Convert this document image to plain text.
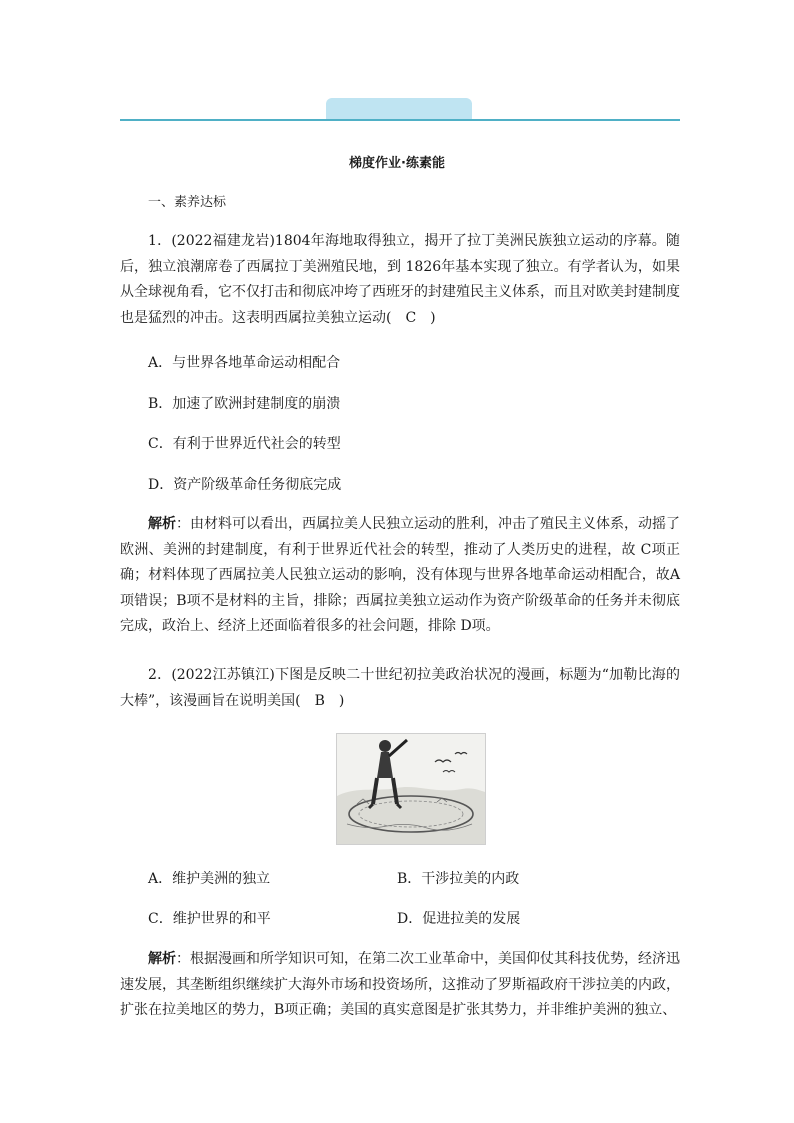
梯度作业·练素能
一、素养达标

1．(2022福建龙岩)1804年海地取得独立，揭开了拉丁美洲民族独立运动的序幕。随后，独立浪潮席卷了西属拉丁美洲殖民地，到 1826年基本实现了独立。有学者认为，如果从全球视角看，它不仅打击和彻底冲垮了西班牙的封建殖民主义体系，而且对欧美封建制度也是猛烈的冲击。这表明西属拉美独立运动(　C　)

A．与世界各地革命运动相配合
B．加速了欧洲封建制度的崩溃
C．有利于世界近代社会的转型
D．资产阶级革命任务彻底完成

解析：由材料可以看出，西属拉美人民独立运动的胜利，冲击了殖民主义体系，动摇了欧洲、美洲的封建制度，有利于世界近代社会的转型，推动了人类历史的进程，故 C项正确；材料体现了西属拉美人民独立运动的影响，没有体现与世界各地革命运动相配合，故A项错误；B项不是材料的主旨，排除；西属拉美独立运动作为资产阶级革命的任务并未彻底完成，政治上、经济上还面临着很多的社会问题，排除 D项。

2．(2022江苏镇江)下图是反映二十世纪初拉美政治状况的漫画，标题为“加勒比海的大棒”，该漫画旨在说明美国(　B　)

A．维护美洲的独立	B．干涉拉美的内政
C．维护世界的和平	D．促进拉美的发展

解析：根据漫画和所学知识可知，在第二次工业革命中，美国仰仗其科技优势，经济迅速发展，其垄断组织继续扩大海外市场和投资场所，这推动了罗斯福政府干涉拉美的内政，扩张在拉美地区的势力，B项正确；美国的真实意图是扩张其势力，并非维护美洲的独立、
